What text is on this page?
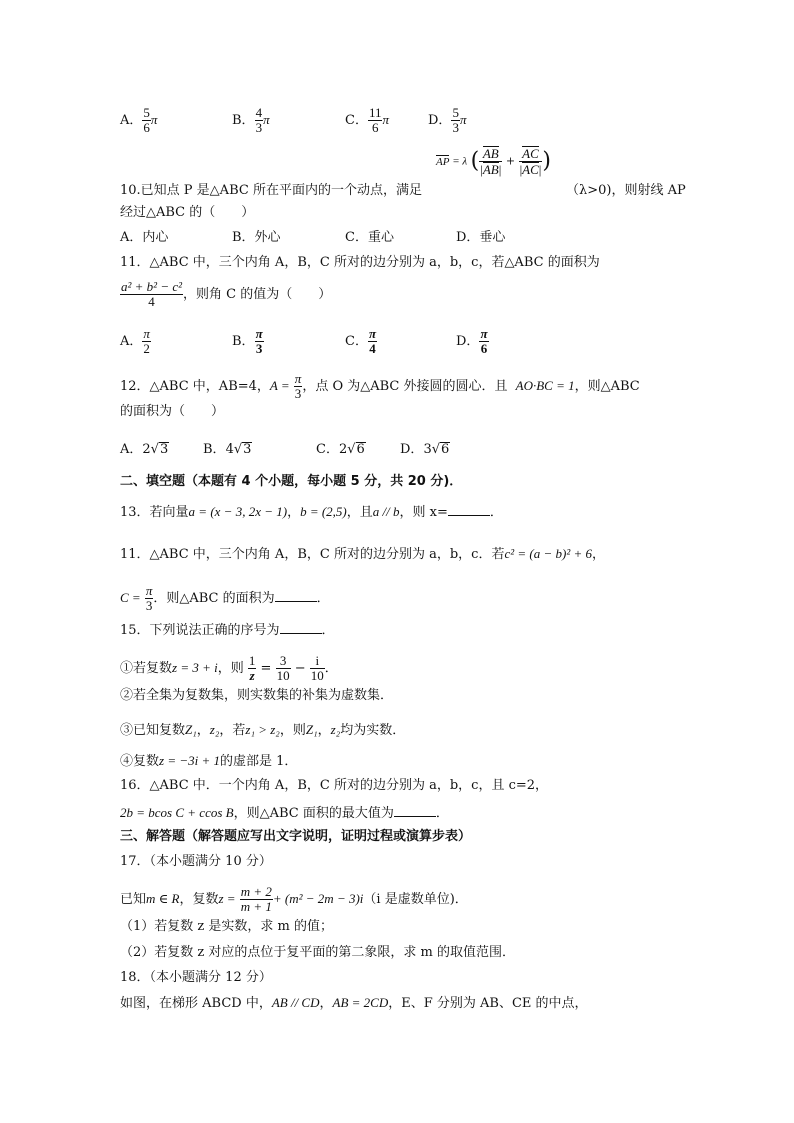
A． $\frac{5}{6}$ π	B． $\frac{4}{3}$ π	C． $\frac{11}{6}$ π	D． $\frac{5}{3}$ π
AP = λ ( $\frac{AB}{|AB|} + \frac{AC}{|AC|}$ )
10.已知点 P 是△ABC 所在平面内的一个动点，满足	（λ>0)，则射线 AP
经过△ABC 的（　　）
A．内心	B．外心	C．重心	D．垂心
11．△ABC 中，三个内角 A，B，C 所对的边分别为 a，b，c，若△ABC 的面积为
$\frac{\text{a² + b² − c²}}{4}$ ，则角 C 的值为（　　）
A． $\frac{\pi}{2}$	B． $\frac{\pi}{3}$	C． $\frac{\pi}{4}$	D． $\frac{\pi}{6}$
12．△ABC 中，AB=4，$A = \frac{\pi}{3}$ ，点 O 为△ABC 外接圆的圆心．且 AO·BC = 1，则△ABC
的面积为（　　）
A．2√3	B．4√3	C．2√6	D．3√6
二、填空题（本题有 4 个小题，每小题 5 分，共 20 分)．
13．若向量a = (x − 3, 2x − 1)，b = (2,5)，且a // b，则 x=	．
11．△ABC 中，三个内角 A，B，C 所对的边分别为 a，b，c．若c² = (a − b)² + 6，
$C = \frac{\pi}{3}$ ．则△ABC 的面积为	．
15．下列说法正确的序号为	．
①若复数z = 3 + i，则 $\frac{1}{z} = \frac{3}{10} - \frac{i}{10}$ ．
②若全集为复数集，则实数集的补集为虚数集．
③已知复数Z₁，z₂，若z₁ > z₂，则Z₁，z₂均为实数．
④复数z = −3i + 1的虚部是 1．
16．△ABC 中．一个内角 A，B，C 所对的边分别为 a，b，c，且 c=2，
2b = bcos C + ccos B，则△ABC 面积的最大值为	．
三、解答题（解答题应写出文字说明，证明过程或演算步表）
17．（本小题满分 10 分）
已知m ∈ R，复数$z = \frac{m + 2}{m + 1} + (m^2 - 2m - 3)i(i$ 是虚数单位)．
（1）若复数 z 是实数，求 m 的值；
（2）若复数 z 对应的点位于复平面的第二象限，求 m 的取值范围．
18．（本小题满分 12 分）
如图，在梯形 ABCD 中，AB // CD，AB = 2CD，E、F 分别为 AB、CE 的中点，
